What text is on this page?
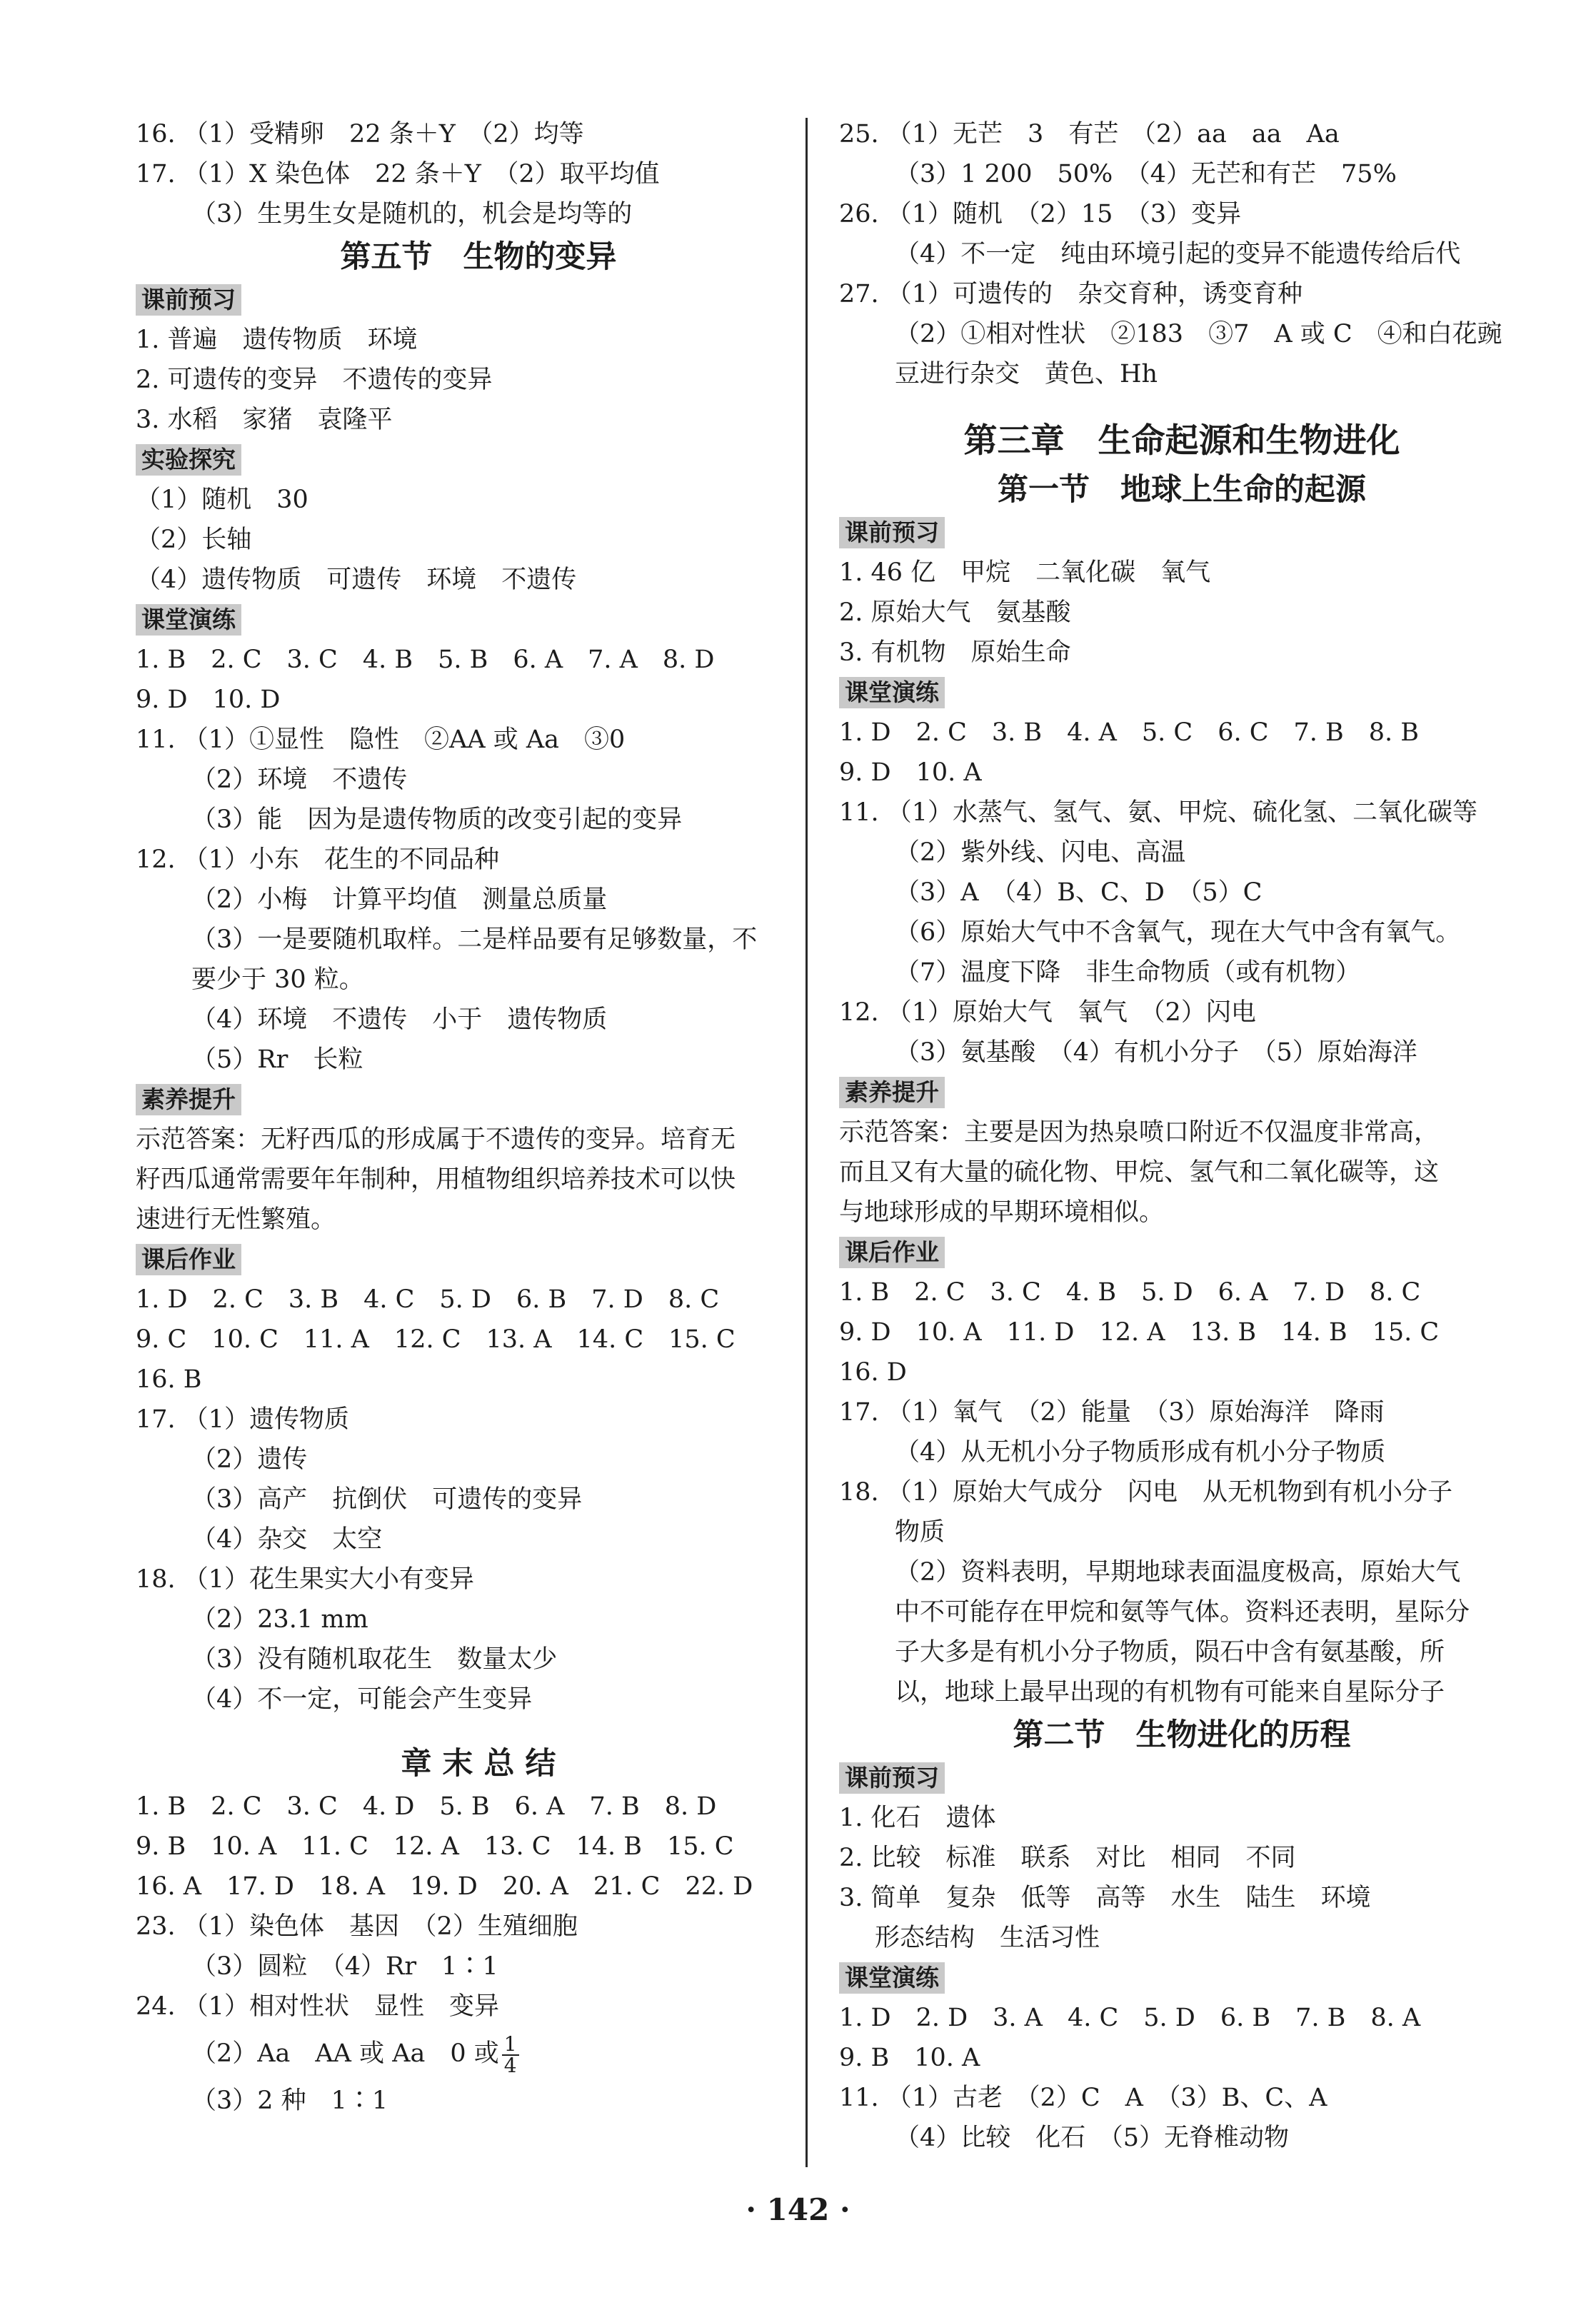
16. （1）受精卵　22 条＋Y　（2）均等
17. （1）X 染色体　22 条＋Y　（2）取平均值
（3）生男生女是随机的，机会是均等的
第五节　生物的变异
课前预习
1. 普遍　遗传物质　环境
2. 可遗传的变异　不遗传的变异
3. 水稻　家猪　袁隆平
实验探究
（1）随机　30
（2）长轴
（4）遗传物质　可遗传　环境　不遗传
课堂演练
1. B　2. C　3. C　4. B　5. B　6. A　7. A　8. D
9. D　10. D
11. （1）①显性　隐性　②AA 或 Aa　③0
（2）环境　不遗传
（3）能　因为是遗传物质的改变引起的变异
12. （1）小东　花生的不同品种
（2）小梅　计算平均值　测量总质量
（3）一是要随机取样。二是样品要有足够数量，不
要少于 30 粒。
（4）环境　不遗传　小于　遗传物质
（5）Rr　长粒
素养提升
示范答案：无籽西瓜的形成属于不遗传的变异。培育无
籽西瓜通常需要年年制种，用植物组织培养技术可以快
速进行无性繁殖。
课后作业
1. D　2. C　3. B　4. C　5. D　6. B　7. D　8. C
9. C　10. C　11. A　12. C　13. A　14. C　15. C
16. B
17. （1）遗传物质
（2）遗传
（3）高产　抗倒伏　可遗传的变异
（4）杂交　太空
18. （1）花生果实大小有变异
（2）23.1 mm
（3）没有随机取花生　数量太少
（4）不一定，可能会产生变异
章 末 总 结
1. B　2. C　3. C　4. D　5. B　6. A　7. B　8. D
9. B　10. A　11. C　12. A　13. C　14. B　15. C
16. A　17. D　18. A　19. D　20. A　21. C　22. D
23. （1）染色体　基因　（2）生殖细胞
（3）圆粒　（4）Rr　1∶1
24. （1）相对性状　显性　变异
（2）Aa　AA 或 Aa　0 或 $\frac{1}{4}$
（3）2 种　1∶1
25. （1）无芒　3　有芒　（2）aa　aa　Aa
（3）1 200　50%　（4）无芒和有芒　75%
26. （1）随机　（2）15　（3）变异
（4）不一定　纯由环境引起的变异不能遗传给后代
27. （1）可遗传的　杂交育种，诱变育种
（2）①相对性状　②183　③7　A 或 C　④和白花豌
豆进行杂交　黄色、Hh
第三章　生命起源和生物进化
第一节　地球上生命的起源
课前预习
1. 46 亿　甲烷　二氧化碳　氧气
2. 原始大气　氨基酸
3. 有机物　原始生命
课堂演练
1. D　2. C　3. B　4. A　5. C　6. C　7. B　8. B
9. D　10. A
11. （1）水蒸气、氢气、氨、甲烷、硫化氢、二氧化碳等
（2）紫外线、闪电、高温
（3）A　（4）B、C、D　（5）C
（6）原始大气中不含氧气，现在大气中含有氧气。
（7）温度下降　非生命物质（或有机物）
12. （1）原始大气　氧气　（2）闪电
（3）氨基酸　（4）有机小分子　（5）原始海洋
素养提升
示范答案：主要是因为热泉喷口附近不仅温度非常高，
而且又有大量的硫化物、甲烷、氢气和二氧化碳等，这
与地球形成的早期环境相似。
课后作业
1. B　2. C　3. C　4. B　5. D　6. A　7. D　8. C
9. D　10. A　11. D　12. A　13. B　14. B　15. C
16. D
17. （1）氧气　（2）能量　（3）原始海洋　降雨
（4）从无机小分子物质形成有机小分子物质
18. （1）原始大气成分　闪电　从无机物到有机小分子
物质
（2）资料表明，早期地球表面温度极高，原始大气
中不可能存在甲烷和氨等气体。资料还表明，星际分
子大多是有机小分子物质，陨石中含有氨基酸，所
以，地球上最早出现的有机物有可能来自星际分子
第二节　生物进化的历程
课前预习
1. 化石　遗体
2. 比较　标准　联系　对比　相同　不同
3. 简单　复杂　低等　高等　水生　陆生　环境
形态结构　生活习性
课堂演练
1. D　2. D　3. A　4. C　5. D　6. B　7. B　8. A
9. B　10. A
11. （1）古老　（2）C　A　（3）B、C、A
（4）比较　化石　（5）无脊椎动物
· 142 ·
